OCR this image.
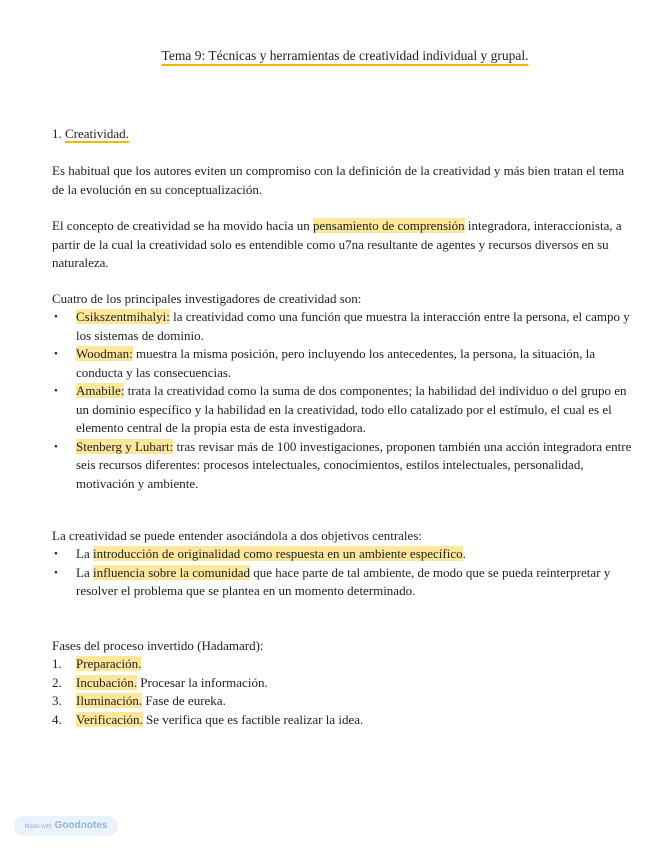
Tema 9: Técnicas y herramientas de creatividad individual y grupal.

1. Creatividad.

Es habitual que los autores eviten un compromiso con la definición de la creatividad y más bien tratan el tema de la evolución en su conceptualización.

El concepto de creatividad se ha movido hacia un pensamiento de comprensión integradora, interaccionista, a partir de la cual la creatividad solo es entendible como u7na resultante de agentes y recursos diversos en su naturaleza.

Cuatro de los principales investigadores de creatividad son:

• Csikszentmihalyi: la creatividad como una función que muestra la interacción entre la persona, el campo y los sistemas de dominio.
• Woodman: muestra la misma posición, pero incluyendo los antecedentes, la persona, la situación, la conducta y las consecuencias.
• Amabile: trata la creatividad como la suma de dos componentes; la habilidad del individuo o del grupo en un dominio específico y la habilidad en la creatividad, todo ello catalizado por el estímulo, el cual es el elemento central de la propia esta de esta investigadora.
• Stenberg y Lubart: tras revisar más de 100 investigaciones, proponen también una acción integradora entre seis recursos diferentes: procesos intelectuales, conocimientos, estilos intelectuales, personalidad, motivación y ambiente.

La creatividad se puede entender asociándola a dos objetivos centrales:

• La introducción de originalidad como respuesta en un ambiente específico.
• La influencia sobre la comunidad que hace parte de tal ambiente, de modo que se pueda reinterpretar y resolver el problema que se plantea en un momento determinado.

Fases del proceso invertido (Hadamard):

1. Preparación.
2. Incubación. Procesar la información.
3. Iluminación. Fase de eureka.
4. Verificación. Se verifica que es factible realizar la idea.
Made with Goodnotes
